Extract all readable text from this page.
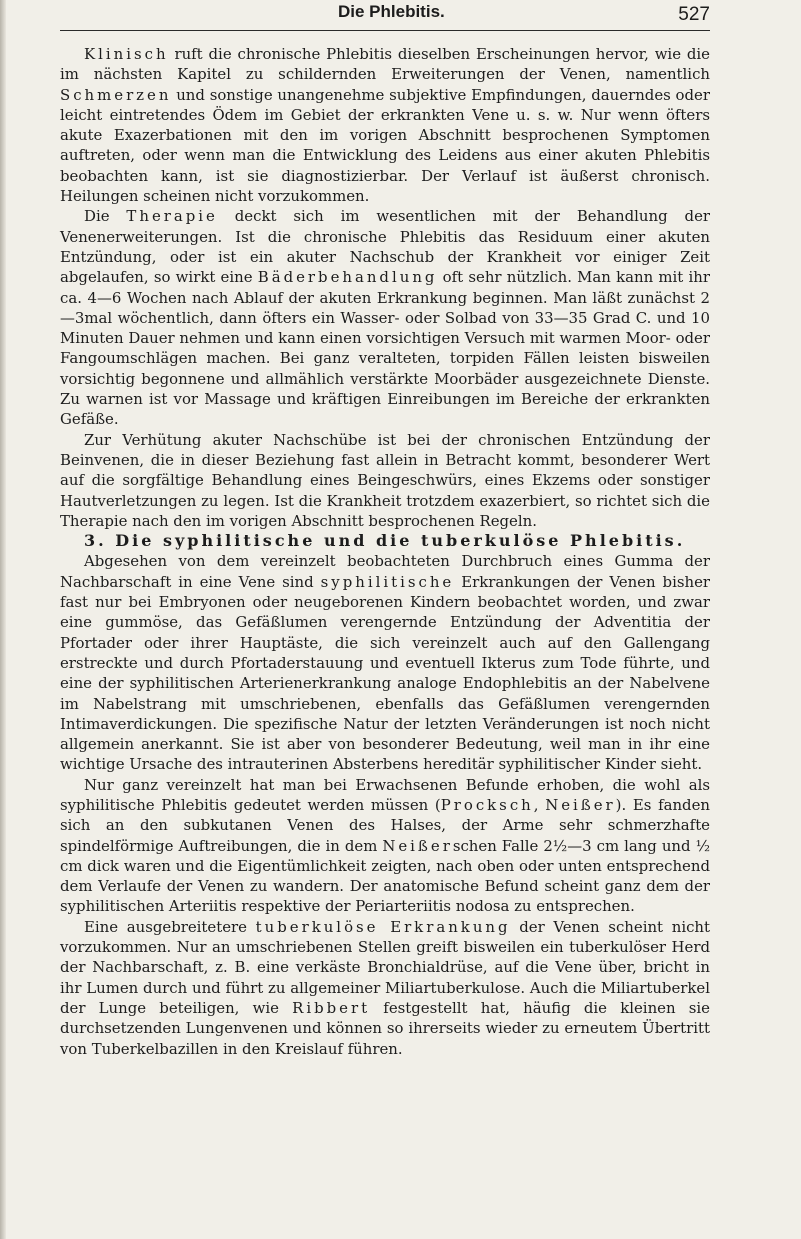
Die Phlebitis.	527

Klinisch ruft die chronische Phlebitis dieselben Erscheinungen hervor, wie die im nächsten Kapitel zu schildernden Erweiterungen der Venen, namentlich Schmerzen und sonstige unangenehme subjektive Empfindungen, dauerndes oder leicht eintretendes Ödem im Gebiet der erkrankten Vene u. s. w. Nur wenn öfters akute Exazerbationen mit den im vorigen Abschnitt besprochenen Symptomen auftreten, oder wenn man die Entwicklung des Leidens aus einer akuten Phlebitis beobachten kann, ist sie diagnostizierbar. Der Verlauf ist äußerst chronisch. Heilungen scheinen nicht vorzukommen.

Die Therapie deckt sich im wesentlichen mit der Behandlung der Venenerweiterungen. Ist die chronische Phlebitis das Residuum einer akuten Entzündung, oder ist ein akuter Nachschub der Krankheit vor einiger Zeit abgelaufen, so wirkt eine Bäderbehandlung oft sehr nützlich. Man kann mit ihr ca. 4—6 Wochen nach Ablauf der akuten Erkrankung beginnen. Man läßt zunächst 2—3mal wöchentlich, dann öfters ein Wasser- oder Solbad von 33—35 Grad C. und 10 Minuten Dauer nehmen und kann einen vorsichtigen Versuch mit warmen Moor- oder Fangoumschlägen machen. Bei ganz veralteten, torpiden Fällen leisten bisweilen vorsichtig begonnene und allmählich verstärkte Moorbäder ausgezeichnete Dienste. Zu warnen ist vor Massage und kräftigen Einreibungen im Bereiche der erkrankten Gefäße.

Zur Verhütung akuter Nachschübe ist bei der chronischen Entzündung der Beinvenen, die in dieser Beziehung fast allein in Betracht kommt, besonderer Wert auf die sorgfältige Behandlung eines Beingeschwürs, eines Ekzems oder sonstiger Hautverletzungen zu legen. Ist die Krankheit trotzdem exazerbiert, so richtet sich die Therapie nach den im vorigen Abschnitt besprochenen Regeln.

3. Die syphilitische und die tuberkulöse Phlebitis.

Abgesehen von dem vereinzelt beobachteten Durchbruch eines Gumma der Nachbarschaft in eine Vene sind syphilitische Erkrankungen der Venen bisher fast nur bei Embryonen oder neugeborenen Kindern beobachtet worden, und zwar eine gummöse, das Gefäßlumen verengernde Entzündung der Adventitia der Pfortader oder ihrer Hauptäste, die sich vereinzelt auch auf den Gallengang erstreckte und durch Pfortaderstauung und eventuell Ikterus zum Tode führte, und eine der syphilitischen Arterienerkrankung analoge Endophlebitis an der Nabelvene im Nabelstrang mit umschriebenen, ebenfalls das Gefäßlumen verengernden Intimaverdickungen. Die spezifische Natur der letzten Veränderungen ist noch nicht allgemein anerkannt. Sie ist aber von besonderer Bedeutung, weil man in ihr eine wichtige Ursache des intrauterinen Absterbens hereditär syphilitischer Kinder sieht.

Nur ganz vereinzelt hat man bei Erwachsenen Befunde erhoben, die wohl als syphilitische Phlebitis gedeutet werden müssen (Procksch, Neißer). Es fanden sich an den subkutanen Venen des Halses, der Arme sehr schmerzhafte spindelförmige Auftreibungen, die in dem Neißerschen Falle 2½—3 cm lang und ½ cm dick waren und die Eigentümlichkeit zeigten, nach oben oder unten entsprechend dem Verlaufe der Venen zu wandern. Der anatomische Befund scheint ganz dem der syphilitischen Arteriitis respektive der Periarteriitis nodosa zu entsprechen.

Eine ausgebreitetere tuberkulöse Erkrankung der Venen scheint nicht vorzukommen. Nur an umschriebenen Stellen greift bisweilen ein tuberkulöser Herd der Nachbarschaft, z. B. eine verkäste Bronchialdrüse, auf die Vene über, bricht in ihr Lumen durch und führt zu allgemeiner Miliartuberkulose. Auch die Miliartuberkel der Lunge beteiligen, wie Ribbert festgestellt hat, häufig die kleinen sie durchsetzenden Lungenvenen und können so ihrerseits wieder zu erneutem Übertritt von Tuberkelbazillen in den Kreislauf führen.
